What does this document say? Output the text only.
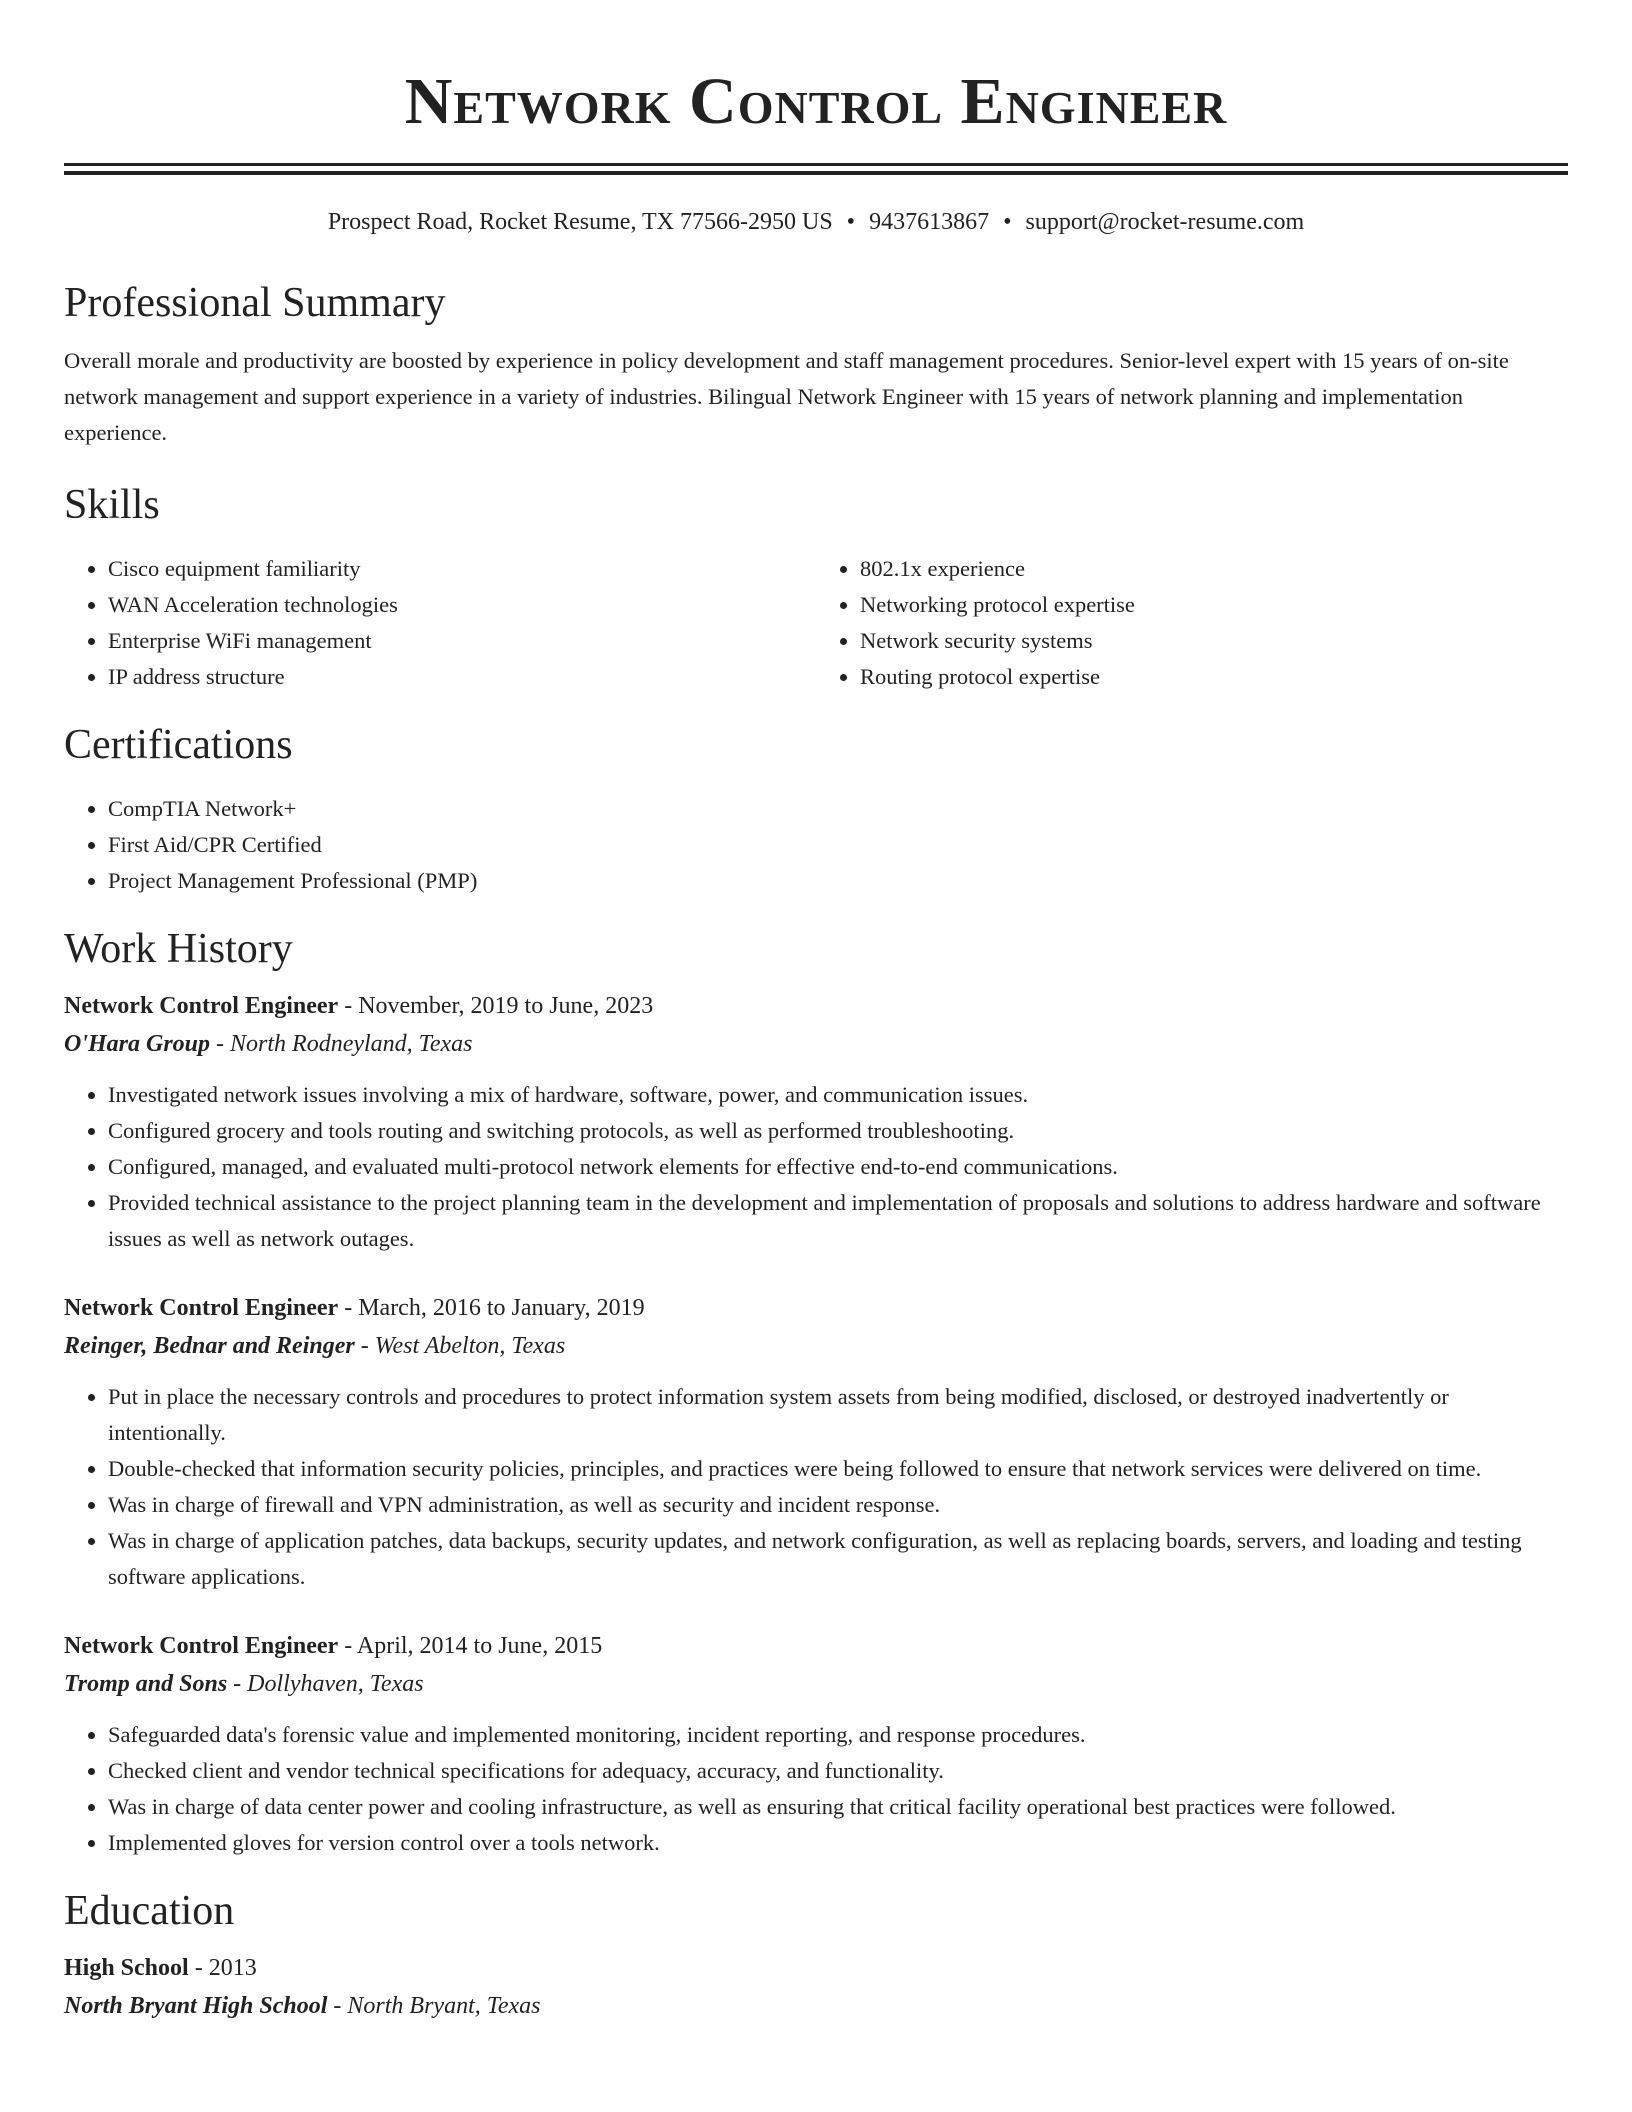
Network Control Engineer
Prospect Road, Rocket Resume, TX 77566-2950 US • 9437613867 • support@rocket-resume.com
Professional Summary
Overall morale and productivity are boosted by experience in policy development and staff management procedures. Senior-level expert with 15 years of on-site network management and support experience in a variety of industries. Bilingual Network Engineer with 15 years of network planning and implementation experience.
Skills
• Cisco equipment familiarity
• WAN Acceleration technologies
• Enterprise WiFi management
• IP address structure
• 802.1x experience
• Networking protocol expertise
• Network security systems
• Routing protocol expertise
Certifications
• CompTIA Network+
• First Aid/CPR Certified
• Project Management Professional (PMP)
Work History
Network Control Engineer - November, 2019 to June, 2023
O'Hara Group - North Rodneyland, Texas
• Investigated network issues involving a mix of hardware, software, power, and communication issues.
• Configured grocery and tools routing and switching protocols, as well as performed troubleshooting.
• Configured, managed, and evaluated multi-protocol network elements for effective end-to-end communications.
• Provided technical assistance to the project planning team in the development and implementation of proposals and solutions to address hardware and software issues as well as network outages.
Network Control Engineer - March, 2016 to January, 2019
Reinger, Bednar and Reinger - West Abelton, Texas
• Put in place the necessary controls and procedures to protect information system assets from being modified, disclosed, or destroyed inadvertently or intentionally.
• Double-checked that information security policies, principles, and practices were being followed to ensure that network services were delivered on time.
• Was in charge of firewall and VPN administration, as well as security and incident response.
• Was in charge of application patches, data backups, security updates, and network configuration, as well as replacing boards, servers, and loading and testing software applications.
Network Control Engineer - April, 2014 to June, 2015
Tromp and Sons - Dollyhaven, Texas
• Safeguarded data's forensic value and implemented monitoring, incident reporting, and response procedures.
• Checked client and vendor technical specifications for adequacy, accuracy, and functionality.
• Was in charge of data center power and cooling infrastructure, as well as ensuring that critical facility operational best practices were followed.
• Implemented gloves for version control over a tools network.
Education
High School - 2013
North Bryant High School - North Bryant, Texas
